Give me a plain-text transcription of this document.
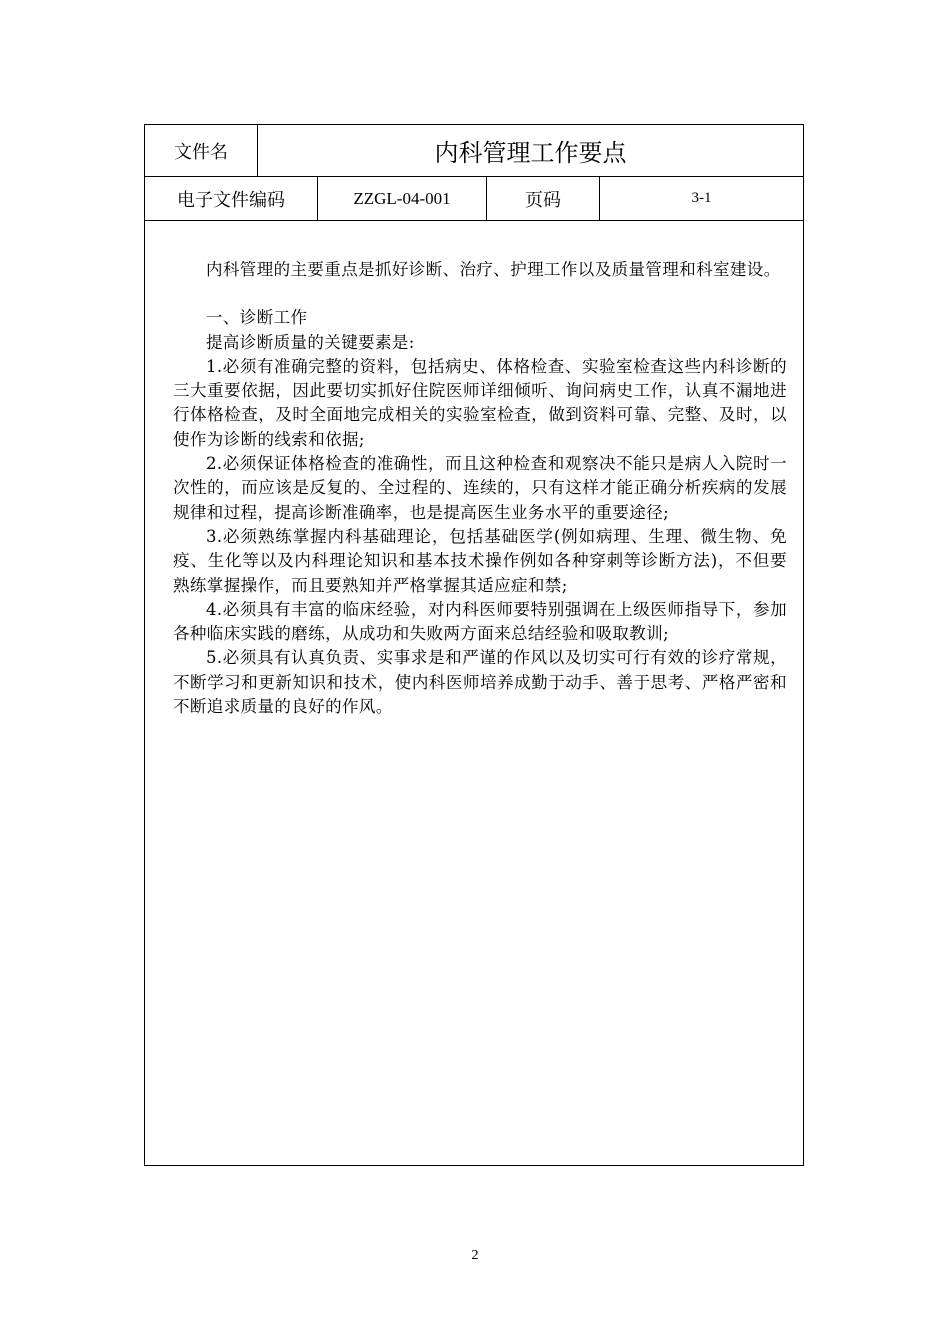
文件名	内科管理工作要点
电子文件编码	ZZGL-04-001	页码	3-1

内科管理的主要重点是抓好诊断、治疗、护理工作以及质量管理和科室建设。

一、诊断工作

提高诊断质量的关键要素是:

1.必须有准确完整的资料，包括病史、体格检查、实验室检查这些内科诊断的三大重要依据，因此要切实抓好住院医师详细倾听、询问病史工作，认真不漏地进行体格检查，及时全面地完成相关的实验室检查，做到资料可靠、完整、及时，以使作为诊断的线索和依据;

2.必须保证体格检查的准确性，而且这种检查和观察决不能只是病人入院时一次性的，而应该是反复的、全过程的、连续的，只有这样才能正确分析疾病的发展规律和过程，提高诊断准确率，也是提高医生业务水平的重要途径;

3.必须熟练掌握内科基础理论，包括基础医学(例如病理、生理、微生物、免疫、生化等以及内科理论知识和基本技术操作例如各种穿刺等诊断方法)，不但要熟练掌握操作，而且要熟知并严格掌握其适应症和禁;

4.必须具有丰富的临床经验，对内科医师要特别强调在上级医师指导下，参加各种临床实践的磨练，从成功和失败两方面来总结经验和吸取教训;

5.必须具有认真负责、实事求是和严谨的作风以及切实可行有效的诊疗常规，不断学习和更新知识和技术，使内科医师培养成勤于动手、善于思考、严格严密和不断追求质量的良好的作风。

2
